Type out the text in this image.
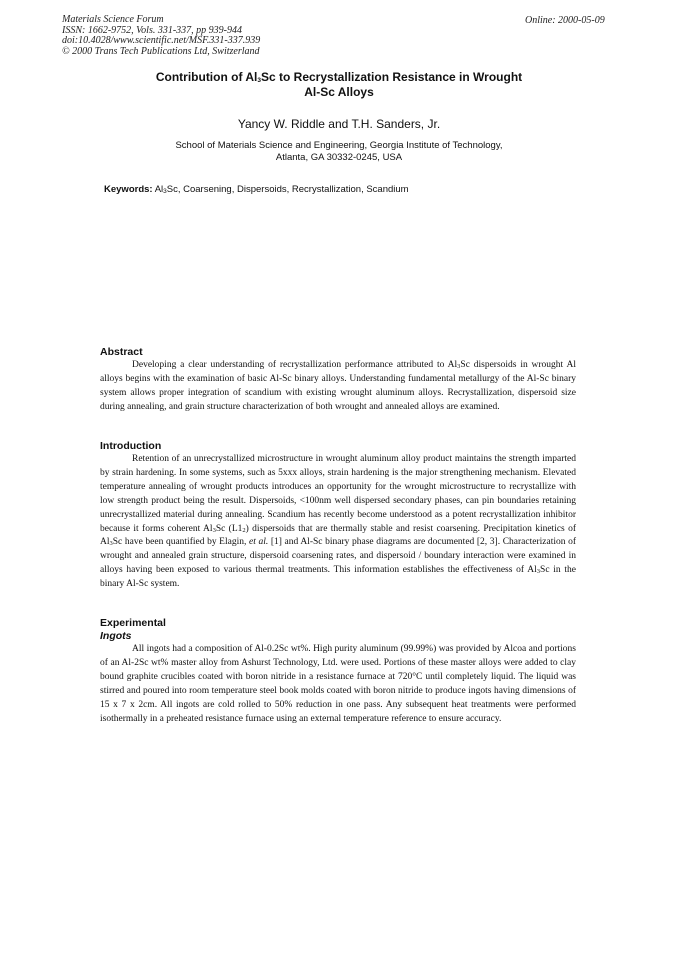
Materials Science Forum
ISSN: 1662-9752, Vols. 331-337, pp 939-944
doi:10.4028/www.scientific.net/MSF.331-337.939
© 2000 Trans Tech Publications Ltd, Switzerland
Online: 2000-05-09
Contribution of $Al_3Sc$ to Recrystallization Resistance in Wrought
Al-Sc Alloys
Yancy W. Riddle and T.H. Sanders, Jr.
School of Materials Science and Engineering, Georgia Institute of Technology,
Atlanta, GA 30332-0245, USA
Keywords: $Al_3Sc$, Coarsening, Dispersoids, Recrystallization, Scandium
Abstract

Developing a clear understanding of recrystallization performance attributed to $Al_3Sc$ dispersoids in wrought Al alloys begins with the examination of basic Al-Sc binary alloys. Understanding fundamental metallurgy of the Al-Sc binary system allows proper integration of scandium with existing wrought aluminum alloys. Recrystallization, dispersoid size during annealing, and grain structure characterization of both wrought and annealed alloys are examined.

Introduction

Retention of an unrecrystallized microstructure in wrought aluminum alloy product maintains the strength imparted by strain hardening. In some systems, such as 5xxx alloys, strain hardening is the major strengthening mechanism. Elevated temperature annealing of wrought products introduces an opportunity for the wrought microstructure to recrystallize with low strength product being the result. Dispersoids, <100nm well dispersed secondary phases, can pin boundaries retaining unrecrystallized material during annealing. Scandium has recently become understood as a potent recrystallization inhibitor because it forms coherent $Al_3Sc$ $(L1_2)$ dispersoids that are thermally stable and resist coarsening. Precipitation kinetics of $Al_3Sc$ have been quantified by Elagin, et al. [1] and Al-Sc binary phase diagrams are documented [2, 3]. Characterization of wrought and annealed grain structure, dispersoid coarsening rates, and dispersoid / boundary interaction were examined in alloys having been exposed to various thermal treatments. This information establishes the effectiveness of $Al_3Sc$ in the binary Al-Sc system.

Experimental
Ingots

All ingots had a composition of Al-0.2Sc wt%. High purity aluminum (99.99%) was provided by Alcoa and portions of an Al-2Sc wt% master alloy from Ashurst Technology, Ltd. were used. Portions of these master alloys were added to clay bound graphite crucibles coated with boron nitride in a resistance furnace at 720°C until completely liquid. The liquid was stirred and poured into room temperature steel book molds coated with boron nitride to produce ingots having dimensions of 15 x 7 x 2cm. All ingots are cold rolled to 50% reduction in one pass. Any subsequent heat treatments were performed isothermally in a preheated resistance furnace using an external temperature reference to ensure accuracy.
